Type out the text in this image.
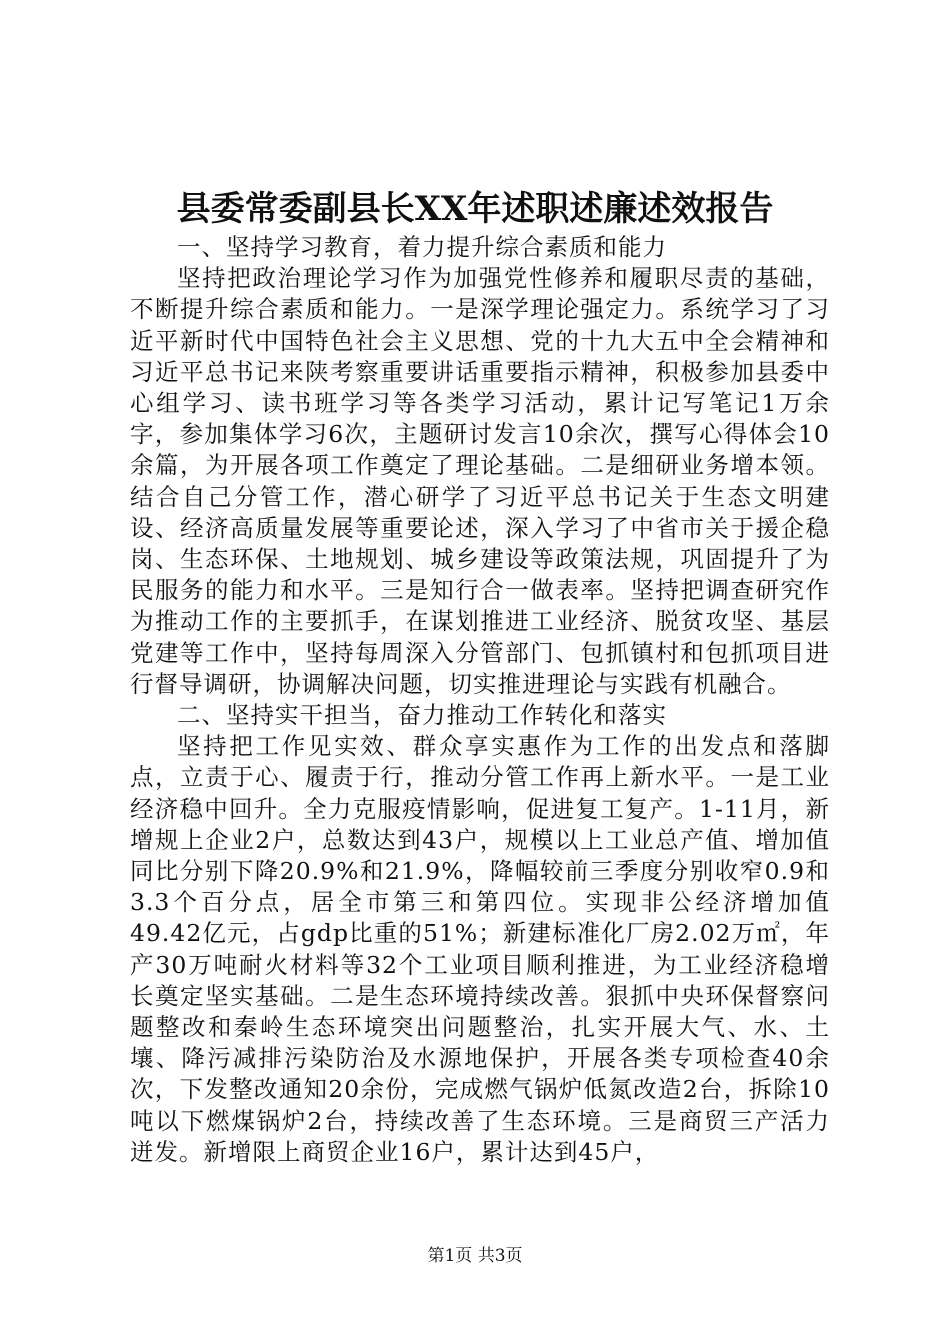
县委常委副县长XX年述职述廉述效报告

一、坚持学习教育，着力提升综合素质和能力

坚持把政治理论学习作为加强党性修养和履职尽责的基础，不断提升综合素质和能力。一是深学理论强定力。系统学习了习近平新时代中国特色社会主义思想、党的十九大五中全会精神和习近平总书记来陕考察重要讲话重要指示精神，积极参加县委中心组学习、读书班学习等各类学习活动，累计记写笔记1万余字，参加集体学习6次，主题研讨发言10余次，撰写心得体会10余篇，为开展各项工作奠定了理论基础。二是细研业务增本领。结合自己分管工作，潜心研学了习近平总书记关于生态文明建设、经济高质量发展等重要论述，深入学习了中省市关于援企稳岗、生态环保、土地规划、城乡建设等政策法规，巩固提升了为民服务的能力和水平。三是知行合一做表率。坚持把调查研究作为推动工作的主要抓手，在谋划推进工业经济、脱贫攻坚、基层党建等工作中，坚持每周深入分管部门、包抓镇村和包抓项目进行督导调研，协调解决问题，切实推进理论与实践有机融合。

二、坚持实干担当，奋力推动工作转化和落实

坚持把工作见实效、群众享实惠作为工作的出发点和落脚点，立责于心、履责于行，推动分管工作再上新水平。一是工业经济稳中回升。全力克服疫情影响，促进复工复产。1-11月，新增规上企业2户，总数达到43户，规模以上工业总产值、增加值同比分别下降20.9%和21.9%，降幅较前三季度分别收窄0.9和3.3个百分点，居全市第三和第四位。实现非公经济增加值49.42亿元，占gdp比重的51%；新建标准化厂房2.02万㎡，年产30万吨耐火材料等32个工业项目顺利推进，为工业经济稳增长奠定坚实基础。二是生态环境持续改善。狠抓中央环保督察问题整改和秦岭生态环境突出问题整治，扎实开展大气、水、土壤、降污减排污染防治及水源地保护，开展各类专项检查40余次，下发整改通知20余份，完成燃气锅炉低氮改造2台，拆除10吨以下燃煤锅炉2台，持续改善了生态环境。三是商贸三产活力迸发。新增限上商贸企业16户，累计达到45户，

第1页 共3页
